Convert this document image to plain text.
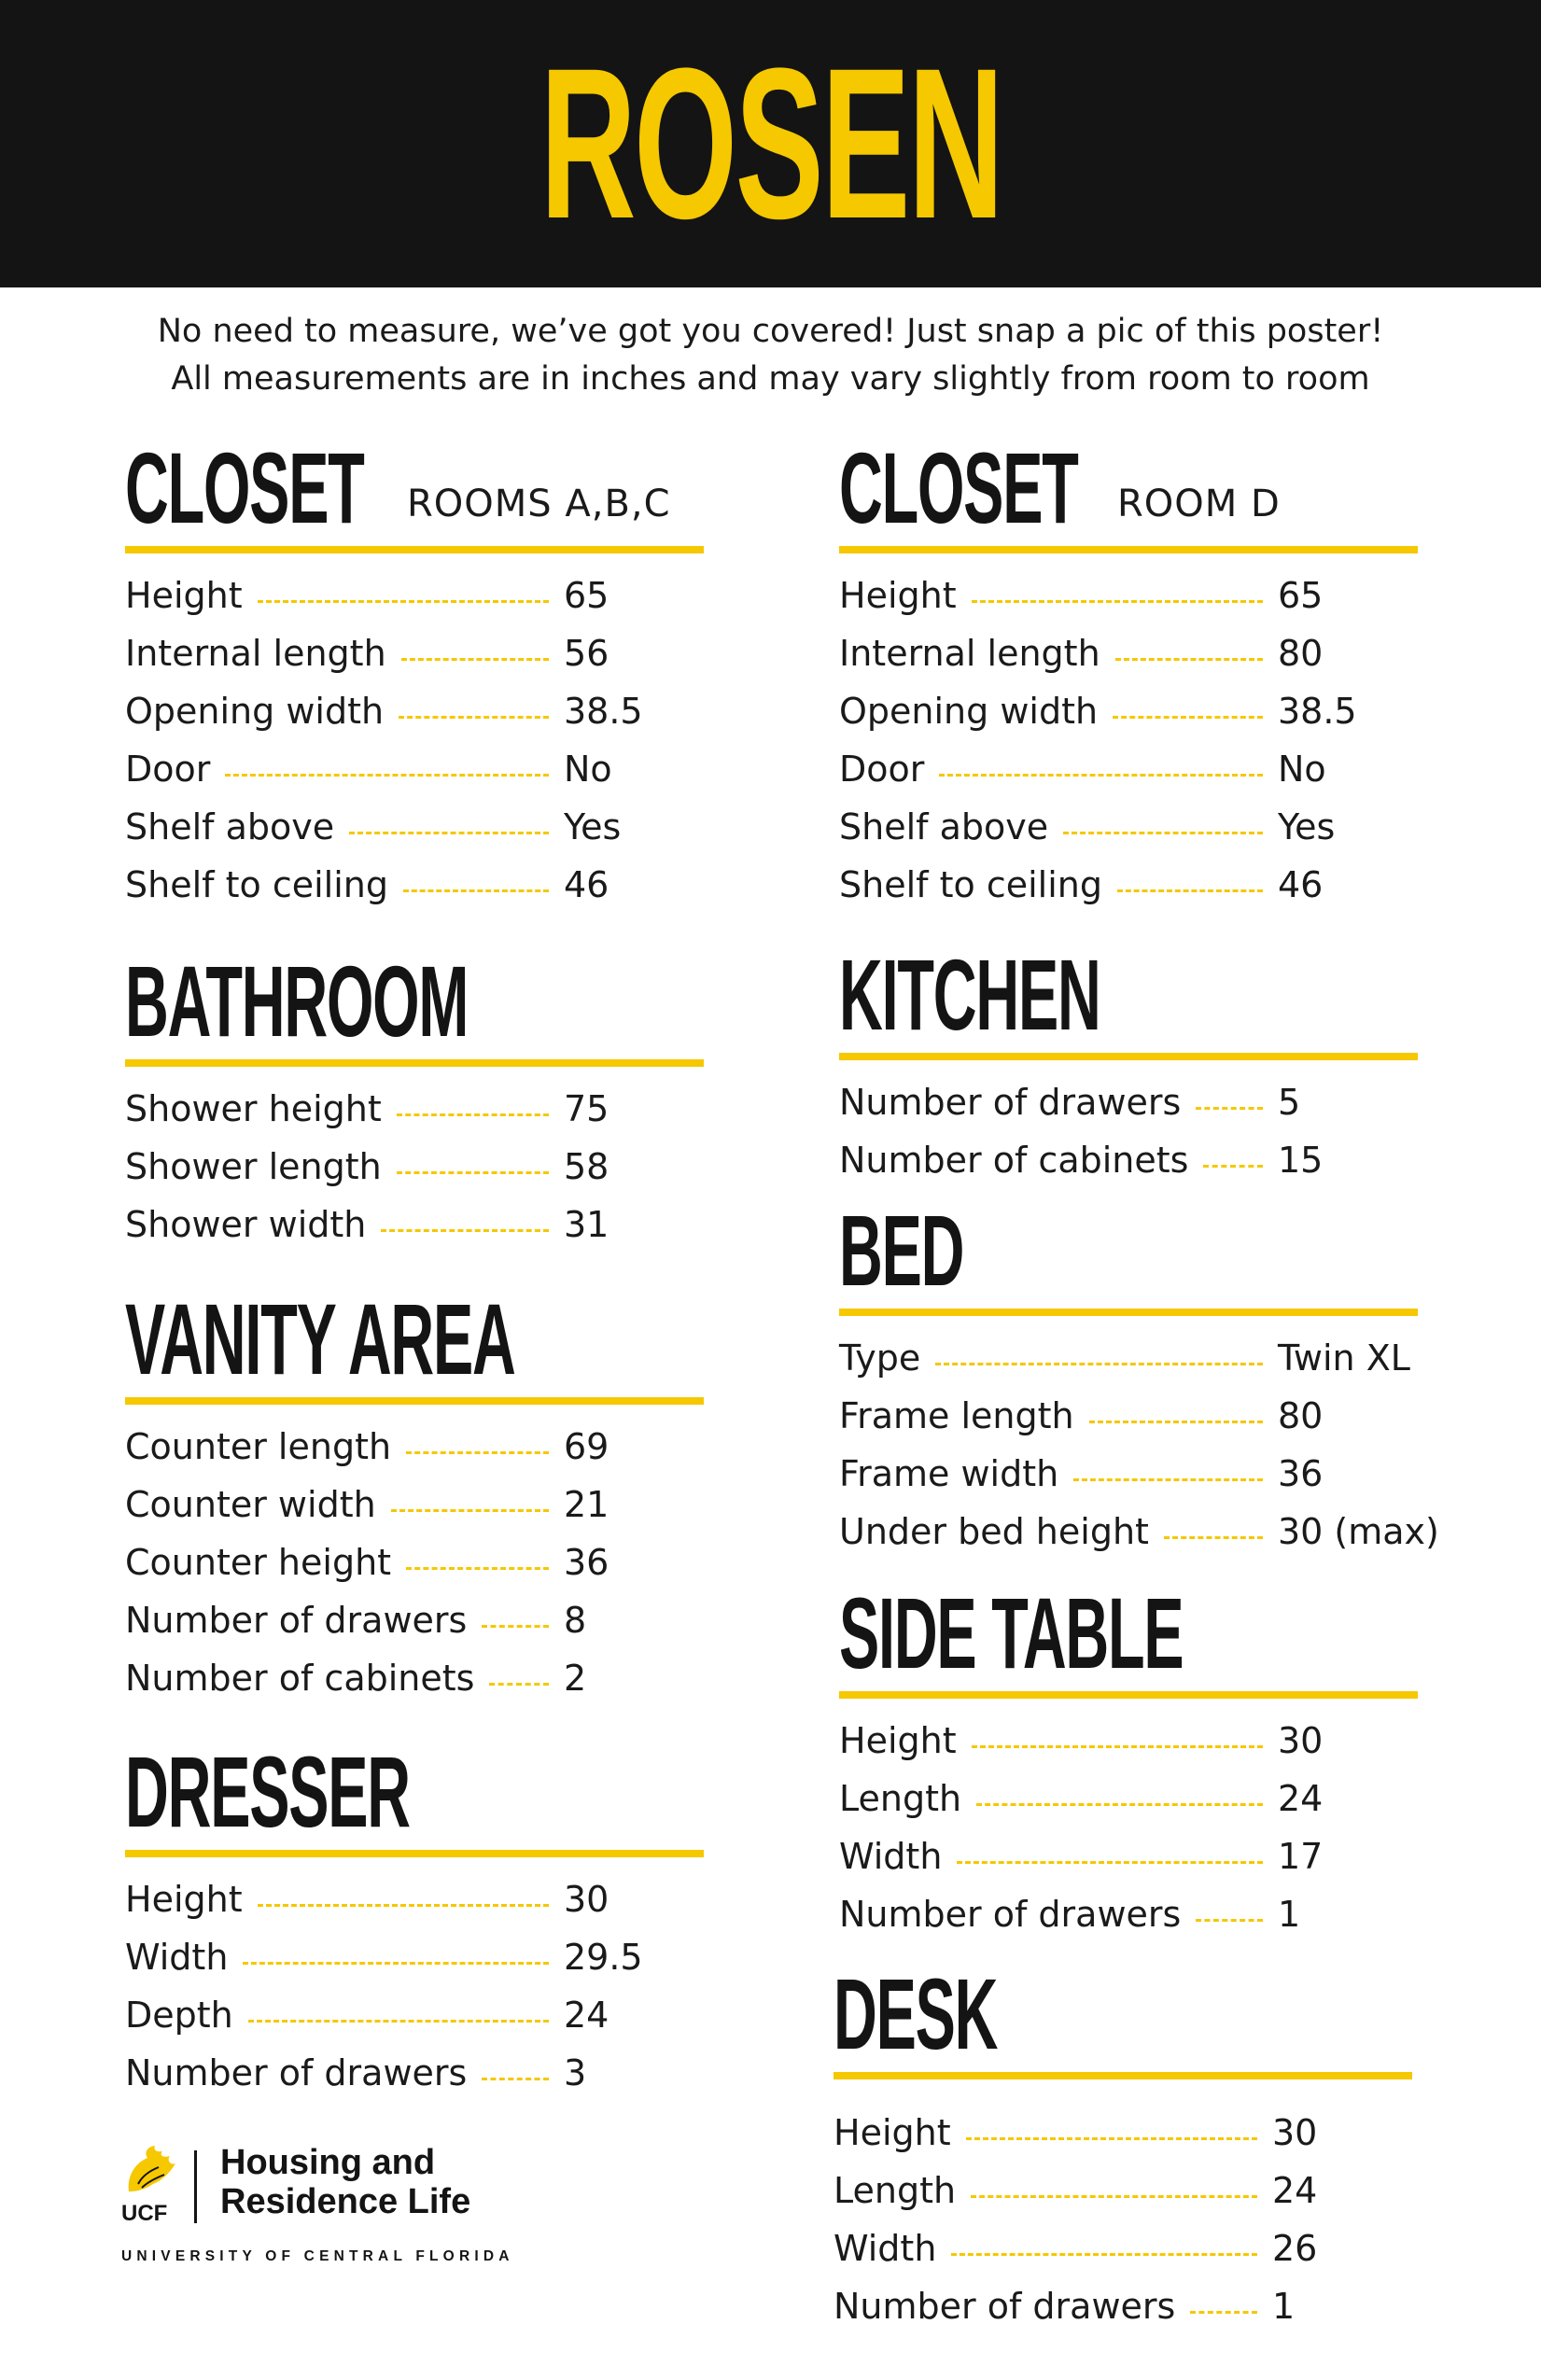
ROSEN
No need to measure, we’ve got you covered! Just snap a pic of this poster!
All measurements are in inches and may vary slightly from room to room
CLOSET ROOMS A,B,C
Height	65
Internal length	56
Opening width	38.5
Door	No
Shelf above	Yes
Shelf to ceiling	46
BATHROOM
Shower height	75
Shower length	58
Shower width	31
VANITY AREA
Counter length	69
Counter width	21
Counter height	36
Number of drawers	8
Number of cabinets	2
DRESSER
Height	30
Width	29.5
Depth	24
Number of drawers	3
CLOSET ROOM D
Height	65
Internal length	80
Opening width	38.5
Door	No
Shelf above	Yes
Shelf to ceiling	46
KITCHEN
Number of drawers	5
Number of cabinets	15
BED
Type	Twin XL
Frame length	80
Frame width	36
Under bed height	30 (max)
SIDE TABLE
Height	30
Length	24
Width	17
Number of drawers	1
DESK
Height	30
Length	24
Width	26
Number of drawers	1
UCF
Housing and
Residence Life
UNIVERSITY OF CENTRAL FLORIDA
